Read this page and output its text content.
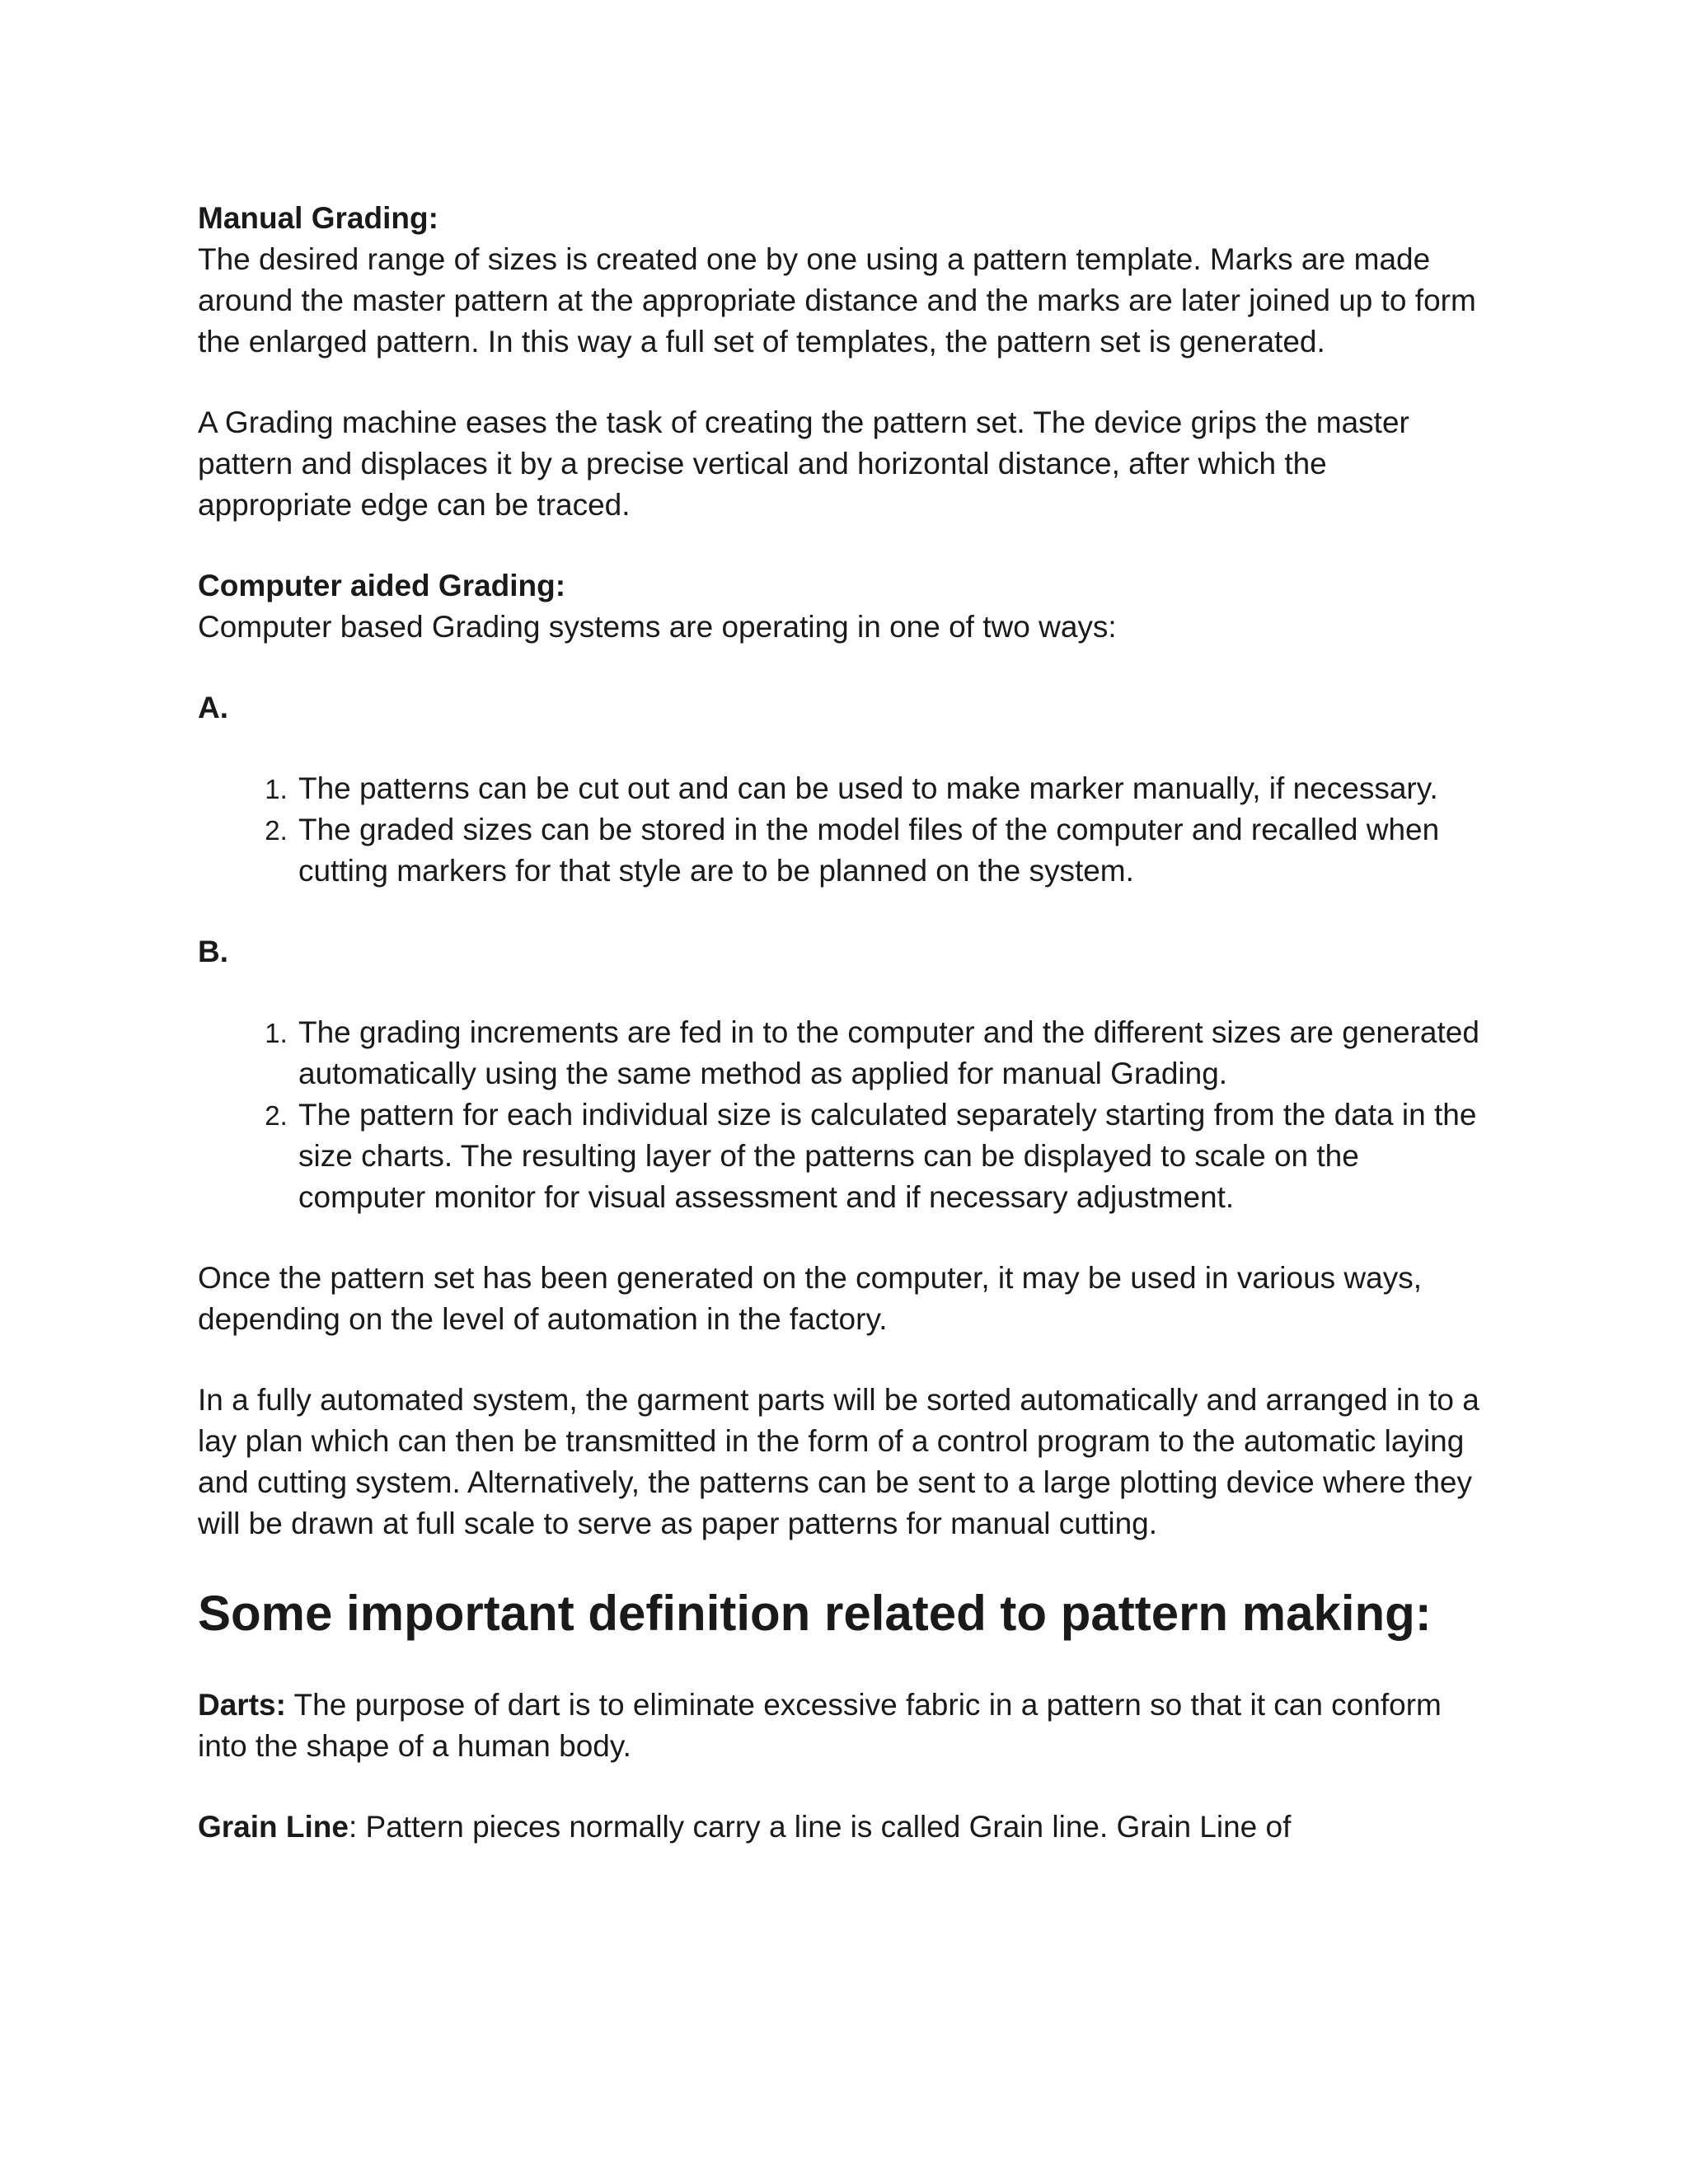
Manual Grading:

The desired range of sizes is created one by one using a pattern template. Marks are made around the master pattern at the appropriate distance and the marks are later joined up to form the enlarged pattern. In this way a full set of templates, the pattern set is generated.

A Grading machine eases the task of creating the pattern set. The device grips the master pattern and displaces it by a precise vertical and horizontal distance, after which the appropriate edge can be traced.

Computer aided Grading:

Computer based Grading systems are operating in one of two ways:

A.

1. The patterns can be cut out and can be used to make marker manually, if necessary.
2. The graded sizes can be stored in the model files of the computer and recalled when cutting markers for that style are to be planned on the system.

B.

1. The grading increments are fed in to the computer and the different sizes are generated automatically using the same method as applied for manual Grading.
2. The pattern for each individual size is calculated separately starting from the data in the size charts. The resulting layer of the patterns can be displayed to scale on the computer monitor for visual assessment and if necessary adjustment.

Once the pattern set has been generated on the computer, it may be used in various ways, depending on the level of automation in the factory.

In a fully automated system, the garment parts will be sorted automatically and arranged in to a lay plan which can then be transmitted in the form of a control program to the automatic laying and cutting system. Alternatively, the patterns can be sent to a large plotting device where they will be drawn at full scale to serve as paper patterns for manual cutting.

Some important definition related to pattern making:

Darts: The purpose of dart is to eliminate excessive fabric in a pattern so that it can conform into the shape of a human body.

Grain Line: Pattern pieces normally carry a line is called Grain line. Grain Line of
